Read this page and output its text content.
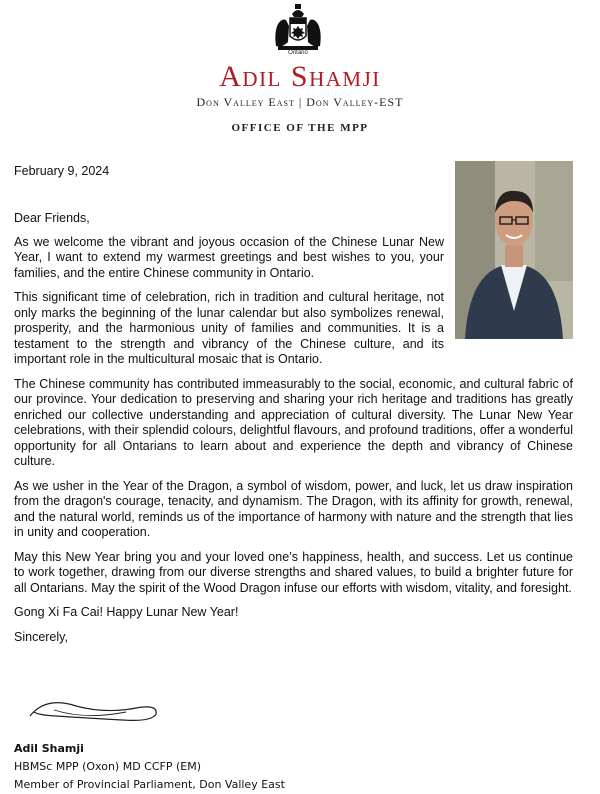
Ontario
Adil Shamji
Don Valley East | Don Valley-EST
OFFICE OF THE MPP
February 9, 2024

Dear Friends,

As we welcome the vibrant and joyous occasion of the Chinese Lunar New Year, I want to extend my warmest greetings and best wishes to you, your families, and the entire Chinese community in Ontario.

This significant time of celebration, rich in tradition and cultural heritage, not only marks the beginning of the lunar calendar but also symbolizes renewal, prosperity, and the harmonious unity of families and communities. It is a testament to the strength and vibrancy of the Chinese culture, and its important role in the multicultural mosaic that is Ontario.

The Chinese community has contributed immeasurably to the social, economic, and cultural fabric of our province. Your dedication to preserving and sharing your rich heritage and traditions has greatly enriched our collective understanding and appreciation of cultural diversity. The Lunar New Year celebrations, with their splendid colours, delightful flavours, and profound traditions, offer a wonderful opportunity for all Ontarians to learn about and experience the depth and vibrancy of Chinese culture.

As we usher in the Year of the Dragon, a symbol of wisdom, power, and luck, let us draw inspiration from the dragon's courage, tenacity, and dynamism. The Dragon, with its affinity for growth, renewal, and the natural world, reminds us of the importance of harmony with nature and the strength that lies in unity and cooperation.

May this New Year bring you and your loved one’s happiness, health, and success. Let us continue to work together, drawing from our diverse strengths and shared values, to build a brighter future for all Ontarians. May the spirit of the Wood Dragon infuse our efforts with wisdom, vitality, and foresight.

Gong Xi Fa Cai! Happy Lunar New Year!

Sincerely,

Adil Shamji
HBMSc MPP (Oxon) MD CCFP (EM)
Member of Provincial Parliament, Don Valley East
